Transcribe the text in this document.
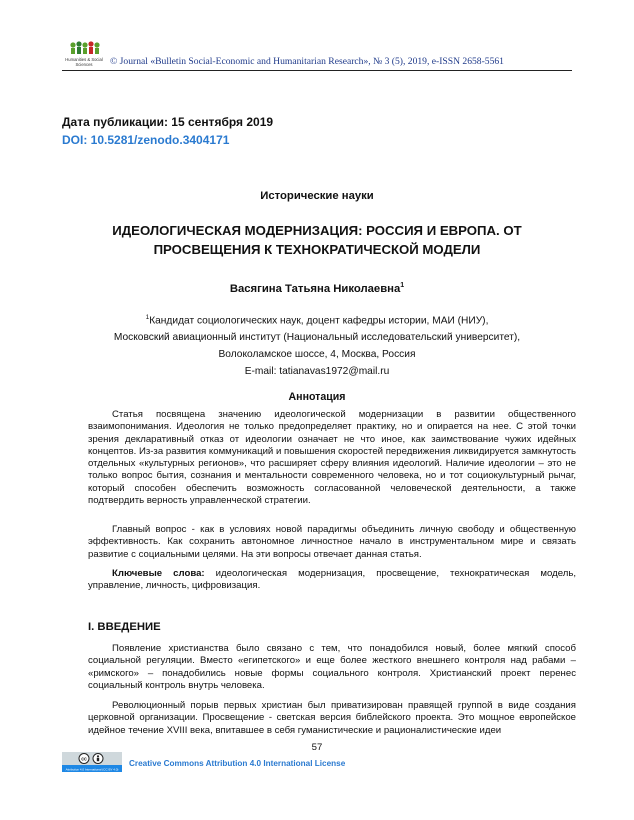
Humanities & Social
Sciences © Journal «Bulletin Social-Economic and Humanitarian Research», № 3 (5), 2019, e-ISSN 2658-5561
Дата публикации: 15 сентября 2019
DOI: 10.5281/zenodo.3404171
Исторические науки
ИДЕОЛОГИЧЕСКАЯ МОДЕРНИЗАЦИЯ: РОССИЯ И ЕВРОПА. ОТ
ПРОСВЕЩЕНИЯ К ТЕХНОКРАТИЧЕСКОЙ МОДЕЛИ
Васягина Татьяна Николаевна$^1$
$^1$Кандидат социологических наук, доцент кафедры истории, МАИ (НИУ),
Московский авиационный институт (Национальный исследовательский университет),
Волоколамское шоссе, 4, Москва, Россия
E-mail: tatianavas1972@mail.ru
Аннотация
Статья посвящена значению идеологической модернизации в развитии общественного взаимопонимания. Идеология не только предопределяет практику, но и опирается на нее. С этой точки зрения декларативный отказ от идеологии означает не что иное, как заимствование чужих идейных концептов. Из-за развития коммуникаций и повышения скоростей передвижения ликвидируется замкнутость отдельных «культурных регионов», что расширяет сферу влияния идеологий. Наличие идеологии – это не только вопрос бытия, сознания и ментальности современного человека, но и тот социокультурный рычаг, который способен обеспечить возможность согласованной человеческой деятельности, а также подтвердить верность управленческой стратегии.
Главный вопрос - как в условиях новой парадигмы объединить личную свободу и общественную эффективность. Как сохранить автономное личностное начало в инструментальном мире и связать развитие с социальными целями. На эти вопросы отвечает данная статья.
Ключевые слова: идеологическая модернизация, просвещение, технократическая модель, управление, личность, цифровизация.
I. ВВЕДЕНИЕ
Появление христианства было связано с тем, что понадобился новый, более мягкий способ социальной регуляции. Вместо «египетского» и еще более жесткого внешнего контроля над рабами – «римского» – понадобились новые формы социального контроля. Христианский проект перенес социальный контроль внутрь человека.
Революционный порыв первых христиан был приватизирован правящей группой в виде создания церковной организации. Просвещение - светская версия библейского проекта. Это мощное европейское идейное течение XVIII века, впитавшее в себя гуманистические и рационалистические идеи
57
cc
Attribution 4.0 International (CC BY 4.0)
Creative Commons Attribution 4.0 International License
